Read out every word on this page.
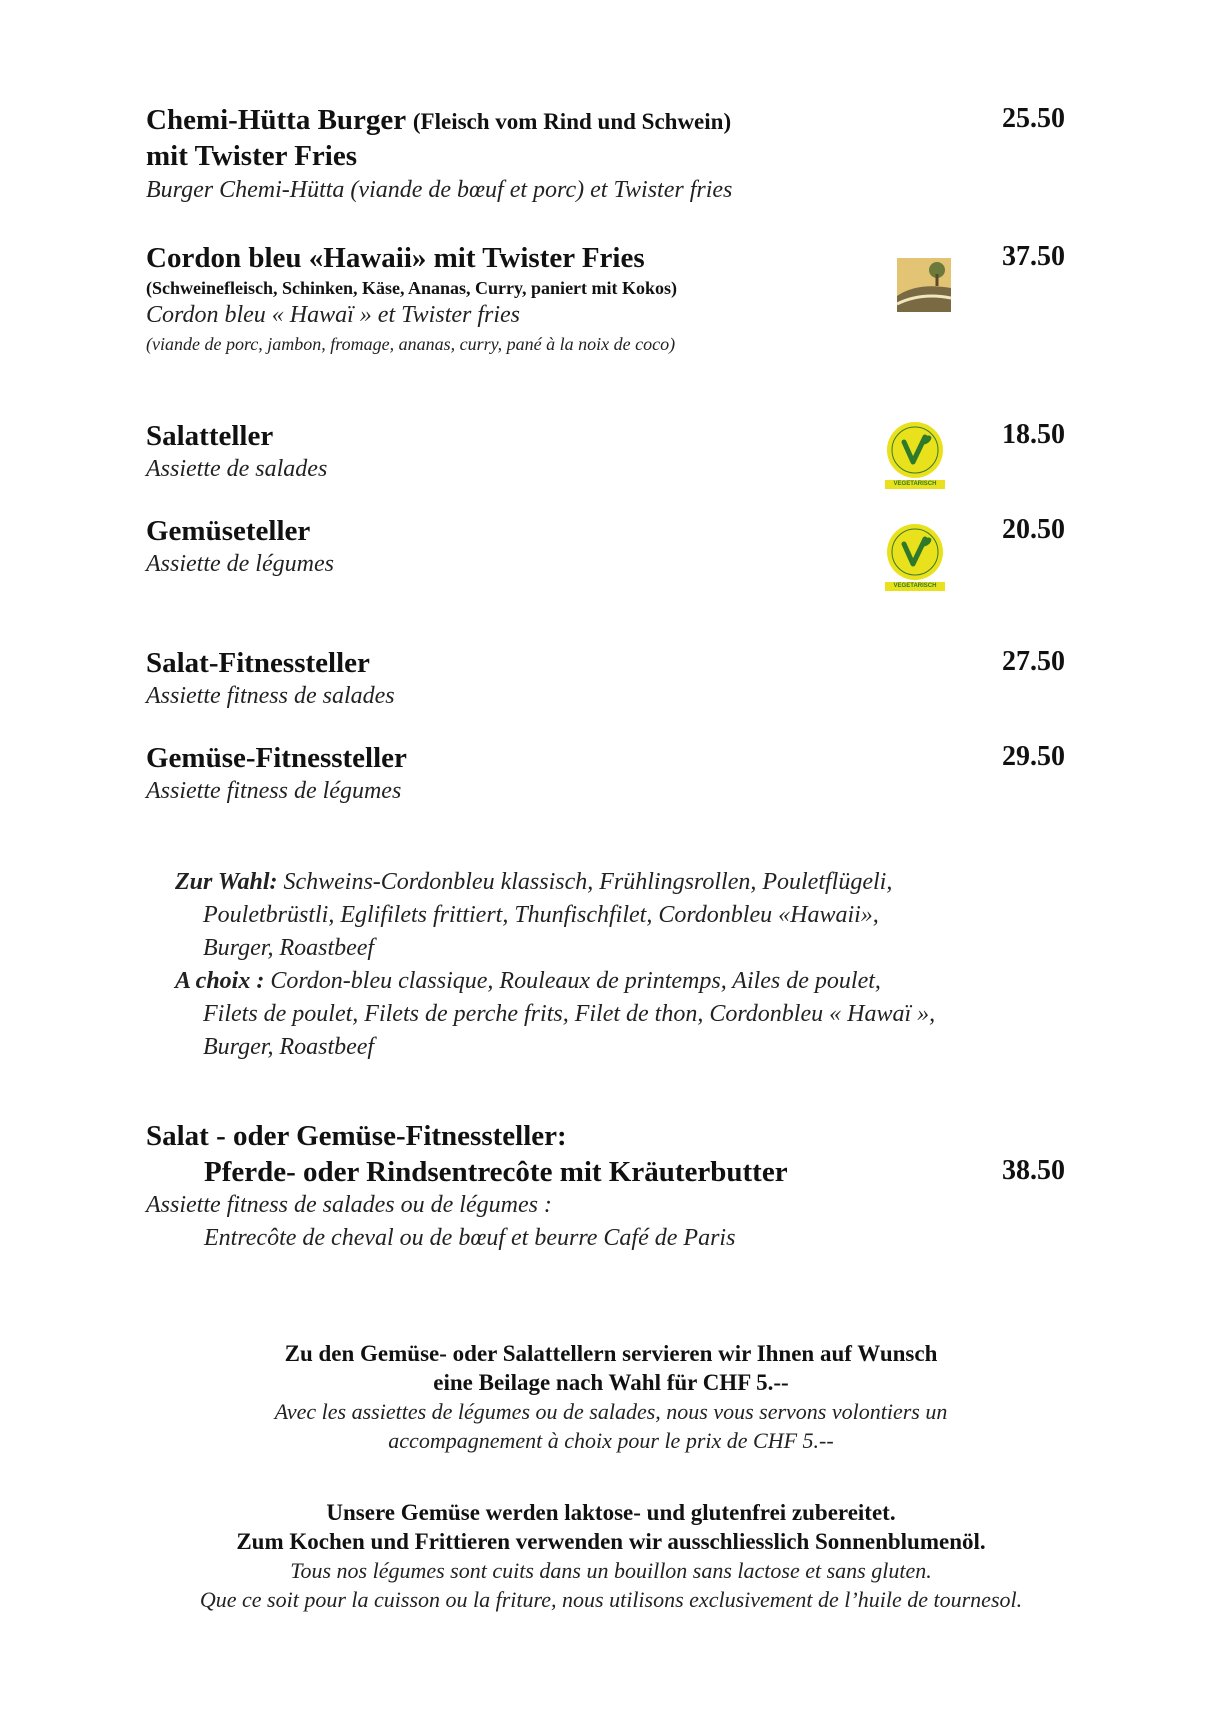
Chemi-Hütta Burger (Fleisch vom Rind und Schwein)
mit Twister Fries
Burger Chemi-Hütta (viande de bœuf et porc) et Twister fries
25.50
Cordon bleu «Hawaii» mit Twister Fries
(Schweinefleisch, Schinken, Käse, Ananas, Curry, paniert mit Kokos)
Cordon bleu « Hawaï » et Twister fries
(viande de porc, jambon, fromage, ananas, curry, pané à la noix de coco)
37.50
Salatteller
Assiette de salades
18.50
VEGETARISCH
Gemüseteller
Assiette de légumes
20.50
VEGETARISCH
Salat-Fitnessteller
Assiette fitness de salades
27.50
Gemüse-Fitnessteller
Assiette fitness de légumes
29.50
Zur Wahl: Schweins-Cordonbleu klassisch, Frühlingsrollen, Pouletflügeli,
Pouletbrüstli, Eglifilets frittiert, Thunfischfilet, Cordonbleu «Hawaii»,
Burger, Roastbeef
A choix : Cordon-bleu classique, Rouleaux de printemps, Ailes de poulet,
Filets de poulet, Filets de perche frits, Filet de thon, Cordonbleu « Hawaï »,
Burger, Roastbeef
Salat - oder Gemüse-Fitnessteller:
Pferde- oder Rindsentrecôte mit Kräuterbutter	38.50
Assiette fitness de salades ou de légumes :
Entrecôte de cheval ou de bœuf et beurre Café de Paris
Zu den Gemüse- oder Salattellern servieren wir Ihnen auf Wunsch
eine Beilage nach Wahl für CHF 5.--
Avec les assiettes de légumes ou de salades, nous vous servons volontiers un
accompagnement à choix pour le prix de CHF 5.--
Unsere Gemüse werden laktose- und glutenfrei zubereitet.
Zum Kochen und Frittieren verwenden wir ausschliesslich Sonnenblumenöl.
Tous nos légumes sont cuits dans un bouillon sans lactose et sans gluten.
Que ce soit pour la cuisson ou la friture, nous utilisons exclusivement de l’huile de tournesol.
